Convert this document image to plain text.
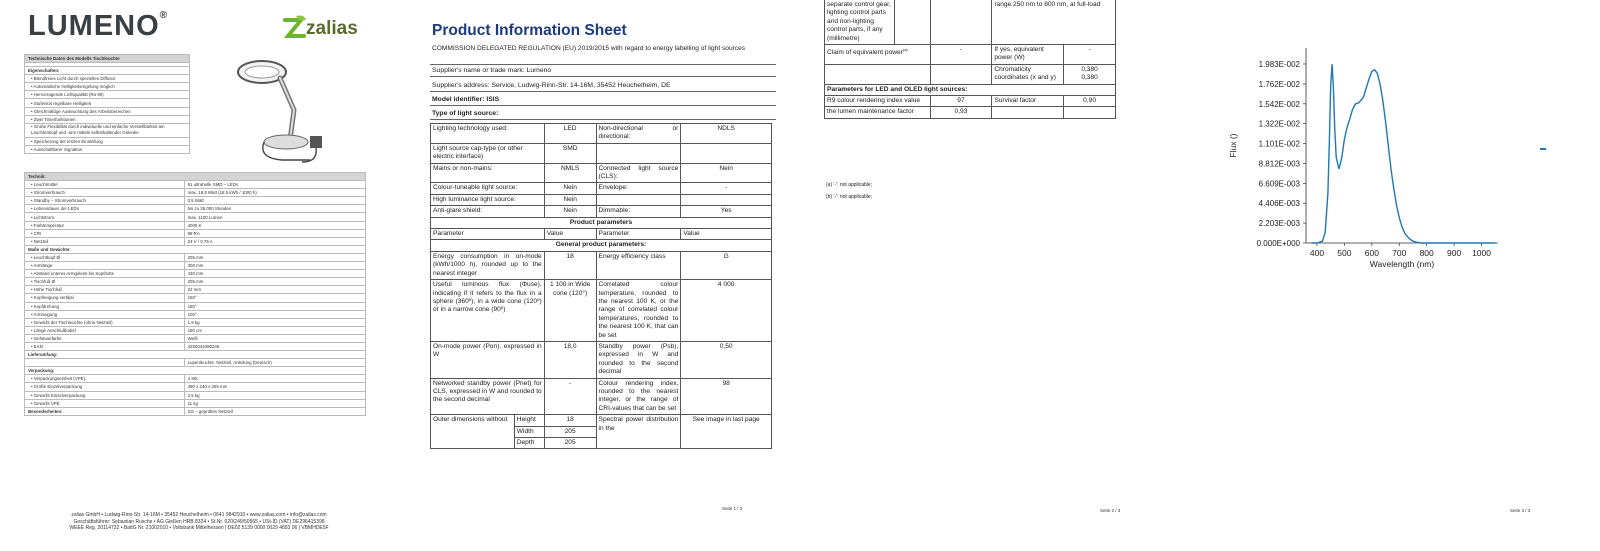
LUMENO®
zalias
Technische Daten des Modells Tischleuchte

Eigenschaften:
• Blendfreies Licht durch speziellen Diffusor
• Automatische Helligkeitsregelung möglich
• Hervorragende Lichtqualität (Ra 98)
• Stufenlos regelbare Helligkeit
• Gleichmäßige Ausleuchtung des Arbeitsbereiches
• Zwei Timerfunktionen
• Große Flexibilität durch individuelle und einfache Verstellbarkeit am Leuchtenkopf und -arm mittels selbsthaltender Gelenke
• Speicherung der letzten Einstellung
• Ausschaltbarer Signalton
Technik:	
• Leuchtmittel	91 ultrahelle SMD – LEDs
• Stromverbrauch	max. 18,5 Watt (18,5 kWh / 1000 h)
• Standby – Stromverbrauch	0,5 Watt
• Lebensdauer der LEDs	bis zu 35.000 Stunden
• Lichtstrom	max. 1100 Lumen
• Farbtemperatur	4000 K
• CRI	98 RA
• Netzteil	24 V / 0,75 A
Maße und Gewichte:	
• Leuchtkopf Ø	205 mm
• Armlänge	300 mm
• Abstand unteres Armgelenk bis Kopfmitte	430 mm
• Tischfuß Ø	205 mm
• Höhe Tischfuß	22 mm
• Kopfneigung vertikal	150°
• Kopfdrehung	180°
• Armneigung	100°
• Gewicht der Tischleuchte (ohne Netzteil)	1,9 kg
• Länge Anschlußkabel	180 cm
• Gehäusefarbe	Weiß
• EAN	4250044360246
Lieferumfang:	
	Lupenleuchte, Netzteil, Anleitung (Deutsch)
Verpackung:	
• Verpackungseinheit (VPE)	4 Stk.
• Größe Einzelverpackung	390 x 240 x 255 mm
• Gewicht Einzelverpackung	2,5 kg
• Gewicht VPE	11 kg
Besonderheiten:	GS – geprüftes Netzteil
zalias GmbH • Ludwig-Rinn-Str. 14-16M • 35452 Heuchelheim • 0641 9842910 • www.zalias.com • info@zalias.com
Geschäftsführer: Sebastian Rusche • AG Gießen HRB 8324 • St.Nr. 020/249/50565 • USt-ID (VAT) DE296415398
WEEE Reg. 20114722 • BattG Nr. 21002010 • Voltsbank Mittelhessen | DE02 5139 0000 0029 4893 06 | VBMHDE5F
Product Information Sheet
COMMISSION DELEGATED REGULATION (EU) 2019/2015 with regard to energy labelling of light sources
Supplier's name or trade mark: Lumeno
Supplier's address: Service, Ludwig-Rinn-Str. 14-16M, 35452 Heuchelheim, DE
Model identifier: ISIS
Type of light source:
Lighting technology used:		LED	Non-directional or directional:	NDLS
Light source cap-type (or other electric interface)		SMD		
Mains or non-mains:		NMLS	Connected light source (CLS):	Nein
Colour-tuneable light source:		Nein	Envelope:	-
High luminance light source:		Nein		
Anti-glare shield:		Nein	Dimmable:	Yes
Product parameters				
Parameter		Value	Parameter	Value
General product parameters:				
Energy consumption in on-mode (kWh/1000 h), rounded up to the nearest integer		18	Energy efficiency class	G
Useful luminous flux (Φuse), indicating if it refers to the flux in a sphere (360º), in a wide cone (120º) or in a narrow cone (90º)		1 100 in Wide cone (120°)	Correlated colour temperature, rounded to the nearest 100 K, or the range of correlated colour temperatures, rounded to the nearest 100 K, that can be set	4 000
On-mode power (Pon), expressed in W		18,0	Standby power (Psb), expressed in W and rounded to the second decimal	0,50
Networked standby power (Pnet) for CLS, expressed in W and rounded to the second decimal		-	Colour rendering index, rounded to the nearest integer, or the range of CRI-values that can be set	98
Outer dimensions without	Height	18	Spectral power distribution in the	See image in last page
	Width	205		
	Depth	205		
Seite 1 / 3
separate control gear, lighting control parts and non-lighting control parts, if any (millimetre)			range 250 nm to 800 nm, at full-load	
Claim of equivalent power$^{(a)}$		-	If yes, equivalent power (W)	-
			Chromaticity coordinates (x and y)	0,380
				0,380
Parameters for LED and OLED light sources:				
R9 colour rendering index value		97	Survival factor	0,90
the lumen maintenance factor		0,93		
(a) '-': not applicable;
(b) '-': not applicable;
Seite 2 / 3
400 500 600 700 800 900 1000
0.000E+000
2.203E-003
4.406E-003
6.609E-003
8.812E-003
1.101E-002
1.322E-002
1.542E-002
1.762E-002
1.983E-002
Wavelength (nm)
Flux ()
Seite 3 / 3
